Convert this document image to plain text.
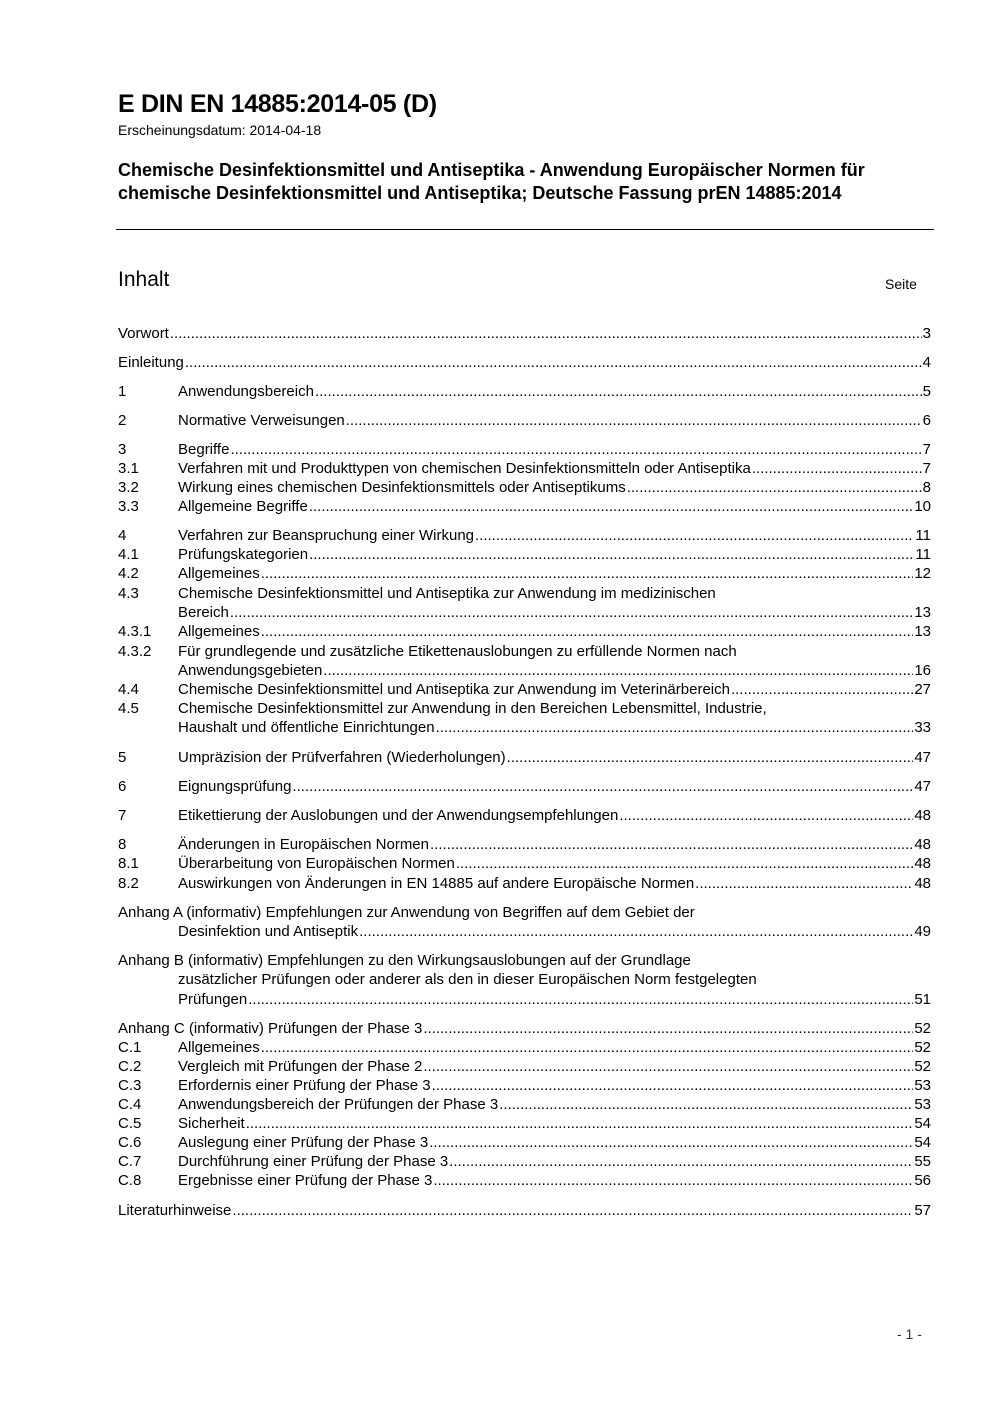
E DIN EN 14885:2014-05 (D)
Erscheinungsdatum: 2014-04-18
Chemische Desinfektionsmittel und Antiseptika - Anwendung Europäischer Normen für chemische Desinfektionsmittel und Antiseptika; Deutsche Fassung prEN 14885:2014
Inhalt	Seite
Vorwort .....	3
Einleitung .....	4
1	Anwendungsbereich .....	5
2	Normative Verweisungen .....	6
3	Begriffe .....	7
3.1	Verfahren mit und Produkttypen von chemischen Desinfektionsmitteln oder Antiseptika .....	7
3.2	Wirkung eines chemischen Desinfektionsmittels oder Antiseptikums .....	8
3.3	Allgemeine Begriffe .....	10
4	Verfahren zur Beanspruchung einer Wirkung .....	11
4.1	Prüfungskategorien .....	11
4.2	Allgemeines .....	12
4.3	Chemische Desinfektionsmittel und Antiseptika zur Anwendung im medizinischen
Bereich .....	13
4.3.1 Allgemeines .....	13
4.3.2 Für grundlegende und zusätzliche Etikettenauslobungen zu erfüllende Normen nach
Anwendungsgebieten .....	16
4.4	Chemische Desinfektionsmittel und Antiseptika zur Anwendung im Veterinärbereich .....	27
4.5	Chemische Desinfektionsmittel zur Anwendung in den Bereichen Lebensmittel, Industrie,
Haushalt und öffentliche Einrichtungen .....	33
5	Umpräzision der Prüfverfahren (Wiederholungen) .....	47
6	Eignungsprüfung .....	47
7	Etikettierung der Auslobungen und der Anwendungsempfehlungen .....	48
8	Änderungen in Europäischen Normen .....	48
8.1	Überarbeitung von Europäischen Normen .....	48
8.2	Auswirkungen von Änderungen in EN 14885 auf andere Europäische Normen .....	48
Anhang A (informativ) Empfehlungen zur Anwendung von Begriffen auf dem Gebiet der
Desinfektion und Antiseptik .....	49
Anhang B (informativ) Empfehlungen zu den Wirkungsauslobungen auf der Grundlage
zusätzlicher Prüfungen oder anderer als den in dieser Europäischen Norm festgelegten
Prüfungen .....	51
Anhang C (informativ) Prüfungen der Phase 3 .....	52
C.1 Allgemeines .....	52
C.2 Vergleich mit Prüfungen der Phase 2 .....	52
C.3 Erfordernis einer Prüfung der Phase 3 .....	53
C.4 Anwendungsbereich der Prüfungen der Phase 3 .....	53
C.5 Sicherheit .....	54
C.6 Auslegung einer Prüfung der Phase 3 .....	54
C.7 Durchführung einer Prüfung der Phase 3 .....	55
C.8 Ergebnisse einer Prüfung der Phase 3 .....	56
Literaturhinweise .....	57
- 1 -
